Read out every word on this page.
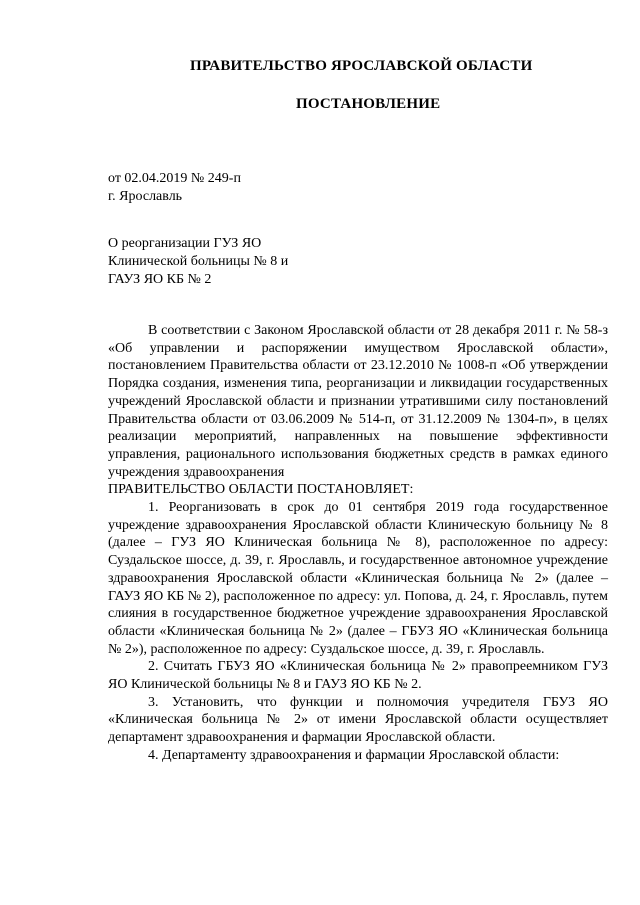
ПРАВИТЕЛЬСТВО ЯРОСЛАВСКОЙ ОБЛАСТИ
ПОСТАНОВЛЕНИЕ
от 02.04.2019 № 249-п
г. Ярославль
О реорганизации ГУЗ ЯО
Клинической больницы № 8 и
ГАУЗ ЯО КБ № 2

В соответствии с Законом Ярославской области от 28 декабря 2011 г. № 58-з «Об управлении и распоряжении имуществом Ярославской области», постановлением Правительства области от 23.12.2010 № 1008-п «Об утверждении Порядка создания, изменения типа, реорганизации и ликвидации государственных учреждений Ярославской области и признании утратившими силу постановлений Правительства области от 03.06.2009 № 514-п, от 31.12.2009 № 1304-п», в целях реализации мероприятий, направленных на повышение эффективности управления, рационального использования бюджетных средств в рамках единого учреждения здравоохранения

ПРАВИТЕЛЬСТВО ОБЛАСТИ ПОСТАНОВЛЯЕТ:

1. Реорганизовать в срок до 01 сентября 2019 года государственное учреждение здравоохранения Ярославской области Клиническую больницу № 8 (далее – ГУЗ ЯО Клиническая больница № 8), расположенное по адресу: Суздальское шоссе, д. 39, г. Ярославль, и государственное автономное учреждение здравоохранения Ярославской области «Клиническая больница № 2» (далее – ГАУЗ ЯО КБ № 2), расположенное по адресу: ул. Попова, д. 24, г. Ярославль, путем слияния в государственное бюджетное учреждение здравоохранения Ярославской области «Клиническая больница № 2» (далее – ГБУЗ ЯО «Клиническая больница № 2»), расположенное по адресу: Суздальское шоссе, д. 39, г. Ярославль.

2. Считать ГБУЗ ЯО «Клиническая больница № 2» правопреемником ГУЗ ЯО Клинической больницы № 8 и ГАУЗ ЯО КБ № 2.

3. Установить, что функции и полномочия учредителя ГБУЗ ЯО «Клиническая больница № 2» от имени Ярославской области осуществляет департамент здравоохранения и фармации Ярославской области.

4. Департаменту здравоохранения и фармации Ярославской области:
